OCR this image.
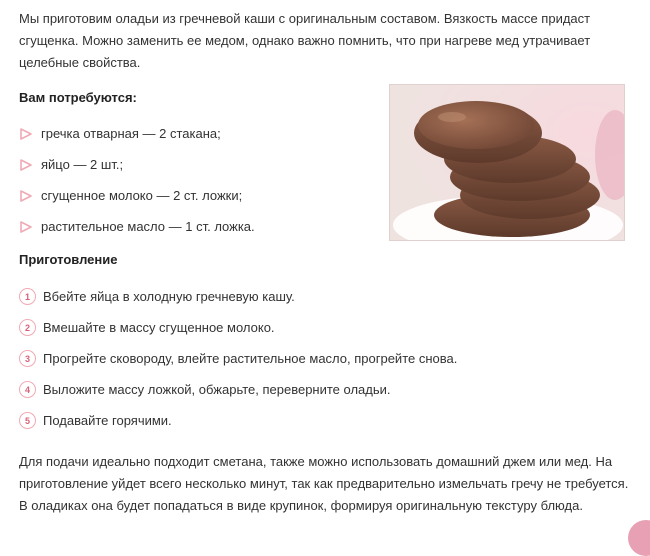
Мы приготовим оладьи из гречневой каши с оригинальным составом. Вязкость массе придаст сгущенка. Можно заменить ее медом, однако важно помнить, что при нагреве мед утрачивает целебные свойства.

Вам потребуются:

гречка отварная — 2 стакана;
яйцо — 2 шт.;
сгущенное молоко — 2 ст. ложки;
растительное масло — 1 ст. ложка.

Приготовление

1	Вбейте яйца в холодную гречневую кашу.
2	Вмешайте в массу сгущенное молоко.
3	Прогрейте сковороду, влейте растительное масло, прогрейте снова.
4	Выложите массу ложкой, обжарьте, переверните оладьи.
5	Подавайте горячими.

Для подачи идеально подходит сметана, также можно использовать домашний джем или мед. На приготовление уйдет всего несколько минут, так как предварительно измельчать гречу не требуется. В оладиках она будет попадаться в виде крупинок, формируя оригинальную текстуру блюда.
